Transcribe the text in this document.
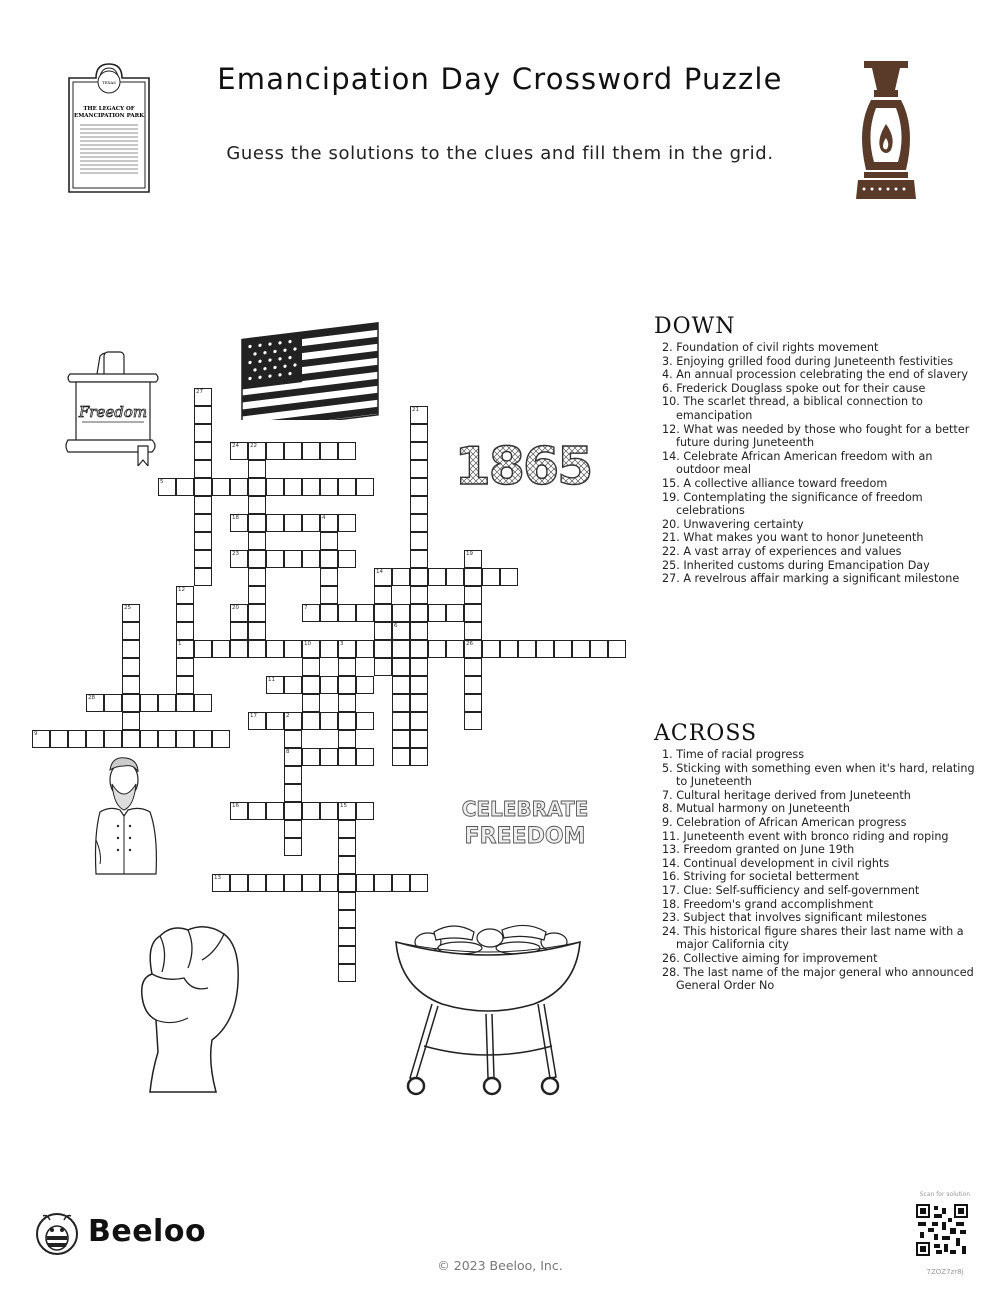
Emancipation Day Crossword Puzzle
Guess the solutions to the clues and fill them in the grid.
TEXAS
THE LEGACY OF
EMANCIPATION PARK
Freedom
1865
CELEBRATE
FREEDOM
27
21
24 22
5
18	4
23	19
14
12
20
25	7
6
1	10	3	26
11
28
17	2
9
8
16	15
13
DOWN
2. Foundation of civil rights movement
3. Enjoying grilled food during Juneteenth festivities
4. An annual procession celebrating the end of slavery
6. Frederick Douglass spoke out for their cause
10. The scarlet thread, a biblical connection to emancipation
12. What was needed by those who fought for a better future during Juneteenth
14. Celebrate African American freedom with an outdoor meal
15. A collective alliance toward freedom
19. Contemplating the significance of freedom celebrations
20. Unwavering certainty
21. What makes you want to honor Juneteenth
22. A vast array of experiences and values
25. Inherited customs during Emancipation Day
27. A revelrous affair marking a significant milestone
ACROSS
1. Time of racial progress
5. Sticking with something even when it's hard, relating to Juneteenth
7. Cultural heritage derived from Juneteenth
8. Mutual harmony on Juneteenth
9. Celebration of African American progress
11. Juneteenth event with bronco riding and roping
13. Freedom granted on June 19th
14. Continual development in civil rights
16. Striving for societal betterment
17. Clue: Self-sufficiency and self-government
18. Freedom's grand accomplishment
23. Subject that involves significant milestones
24. This historical figure shares their last name with a major California city
26. Collective aiming for improvement
28. The last name of the major general who announced General Order No
Beeloo
© 2023 Beeloo, Inc.
Scan for solution
7ZOZ7zr8j
